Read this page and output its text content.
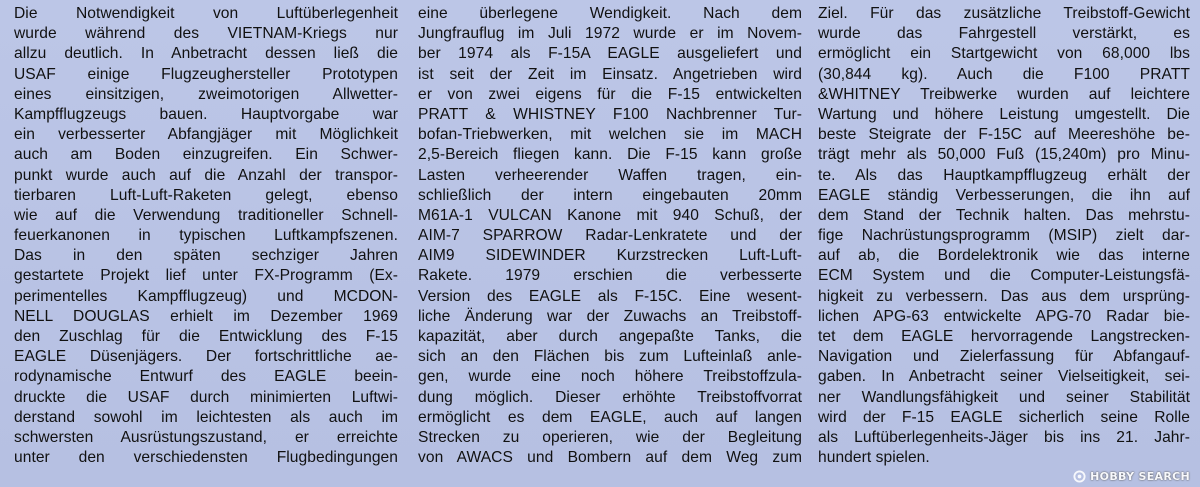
Die Notwendigkeit von Luftüberlegenheit
wurde während des VIETNAM-Kriegs nur
allzu deutlich. In Anbetracht dessen ließ die
USAF einige Flugzeughersteller Prototypen
eines einsitzigen, zweimotorigen Allwetter-
Kampfflugzeugs bauen. Hauptvorgabe war
ein verbesserter Abfangjäger mit Möglichkeit
auch am Boden einzugreifen. Ein Schwer-
punkt wurde auch auf die Anzahl der transpor-
tierbaren Luft-Luft-Raketen gelegt, ebenso
wie auf die Verwendung traditioneller Schnell-
feuerkanonen in typischen Luftkampfszenen.
Das in den späten sechziger Jahren
gestartete Projekt lief unter FX-Programm (Ex-
perimentelles Kampfflugzeug) und MCDON-
NELL DOUGLAS erhielt im Dezember 1969
den Zuschlag für die Entwicklung des F-15
EAGLE Düsenjägers. Der fortschrittliche ae-
rodynamische Entwurf des EAGLE beein-
druckte die USAF durch minimierten Luftwi-
derstand sowohl im leichtesten als auch im
schwersten Ausrüstungszustand, er erreichte
unter den verschiedensten Flugbedingungen
eine überlegene Wendigkeit. Nach dem
Jungfrauflug im Juli 1972 wurde er im Novem-
ber 1974 als F-15A EAGLE ausgeliefert und
ist seit der Zeit im Einsatz. Angetrieben wird
er von zwei eigens für die F-15 entwickelten
PRATT & WHISTNEY F100 Nachbrenner Tur-
bofan-Triebwerken, mit welchen sie im MACH
2,5-Bereich fliegen kann. Die F-15 kann große
Lasten verheerender Waffen tragen, ein-
schließlich der intern eingebauten 20mm
M61A-1 VULCAN Kanone mit 940 Schuß, der
AIM-7 SPARROW Radar-Lenkratete und der
AIM9 SIDEWINDER Kurzstrecken Luft-Luft-
Rakete. 1979 erschien die verbesserte
Version des EAGLE als F-15C. Eine wesent-
liche Änderung war der Zuwachs an Treibstoff-
kapazität, aber durch angepaßte Tanks, die
sich an den Flächen bis zum Lufteinlaß anle-
gen, wurde eine noch höhere Treibstoffzula-
dung möglich. Dieser erhöhte Treibstoffvorrat
ermöglicht es dem EAGLE, auch auf langen
Strecken zu operieren, wie der Begleitung
von AWACS und Bombern auf dem Weg zum
Ziel. Für das zusätzliche Treibstoff-Gewicht
wurde das Fahrgestell verstärkt, es
ermöglicht ein Startgewicht von 68,000 lbs
(30,844 kg). Auch die F100 PRATT
&WHITNEY Treibwerke wurden auf leichtere
Wartung und höhere Leistung umgestellt. Die
beste Steigrate der F-15C auf Meereshöhe be-
trägt mehr als 50,000 Fuß (15,240m) pro Minu-
te. Als das Hauptkampfflugzeug erhält der
EAGLE ständig Verbesserungen, die ihn auf
dem Stand der Technik halten. Das mehrstu-
fige Nachrüstungsprogramm (MSIP) zielt dar-
auf ab, die Bordelektronik wie das interne
ECM System und die Computer-Leistungsfä-
higkeit zu verbessern. Das aus dem ursprüng-
lichen APG-63 entwickelte APG-70 Radar bie-
tet dem EAGLE hervorragende Langstrecken-
Navigation und Zielerfassung für Abfangauf-
gaben. In Anbetracht seiner Vielseitigkeit, sei-
ner Wandlungsfähigkeit und seiner Stabilität
wird der F-15 EAGLE sicherlich seine Rolle
als Luftüberlegenheits-Jäger bis ins 21. Jahr-
hundert spielen.
HOBBY SEARCH
